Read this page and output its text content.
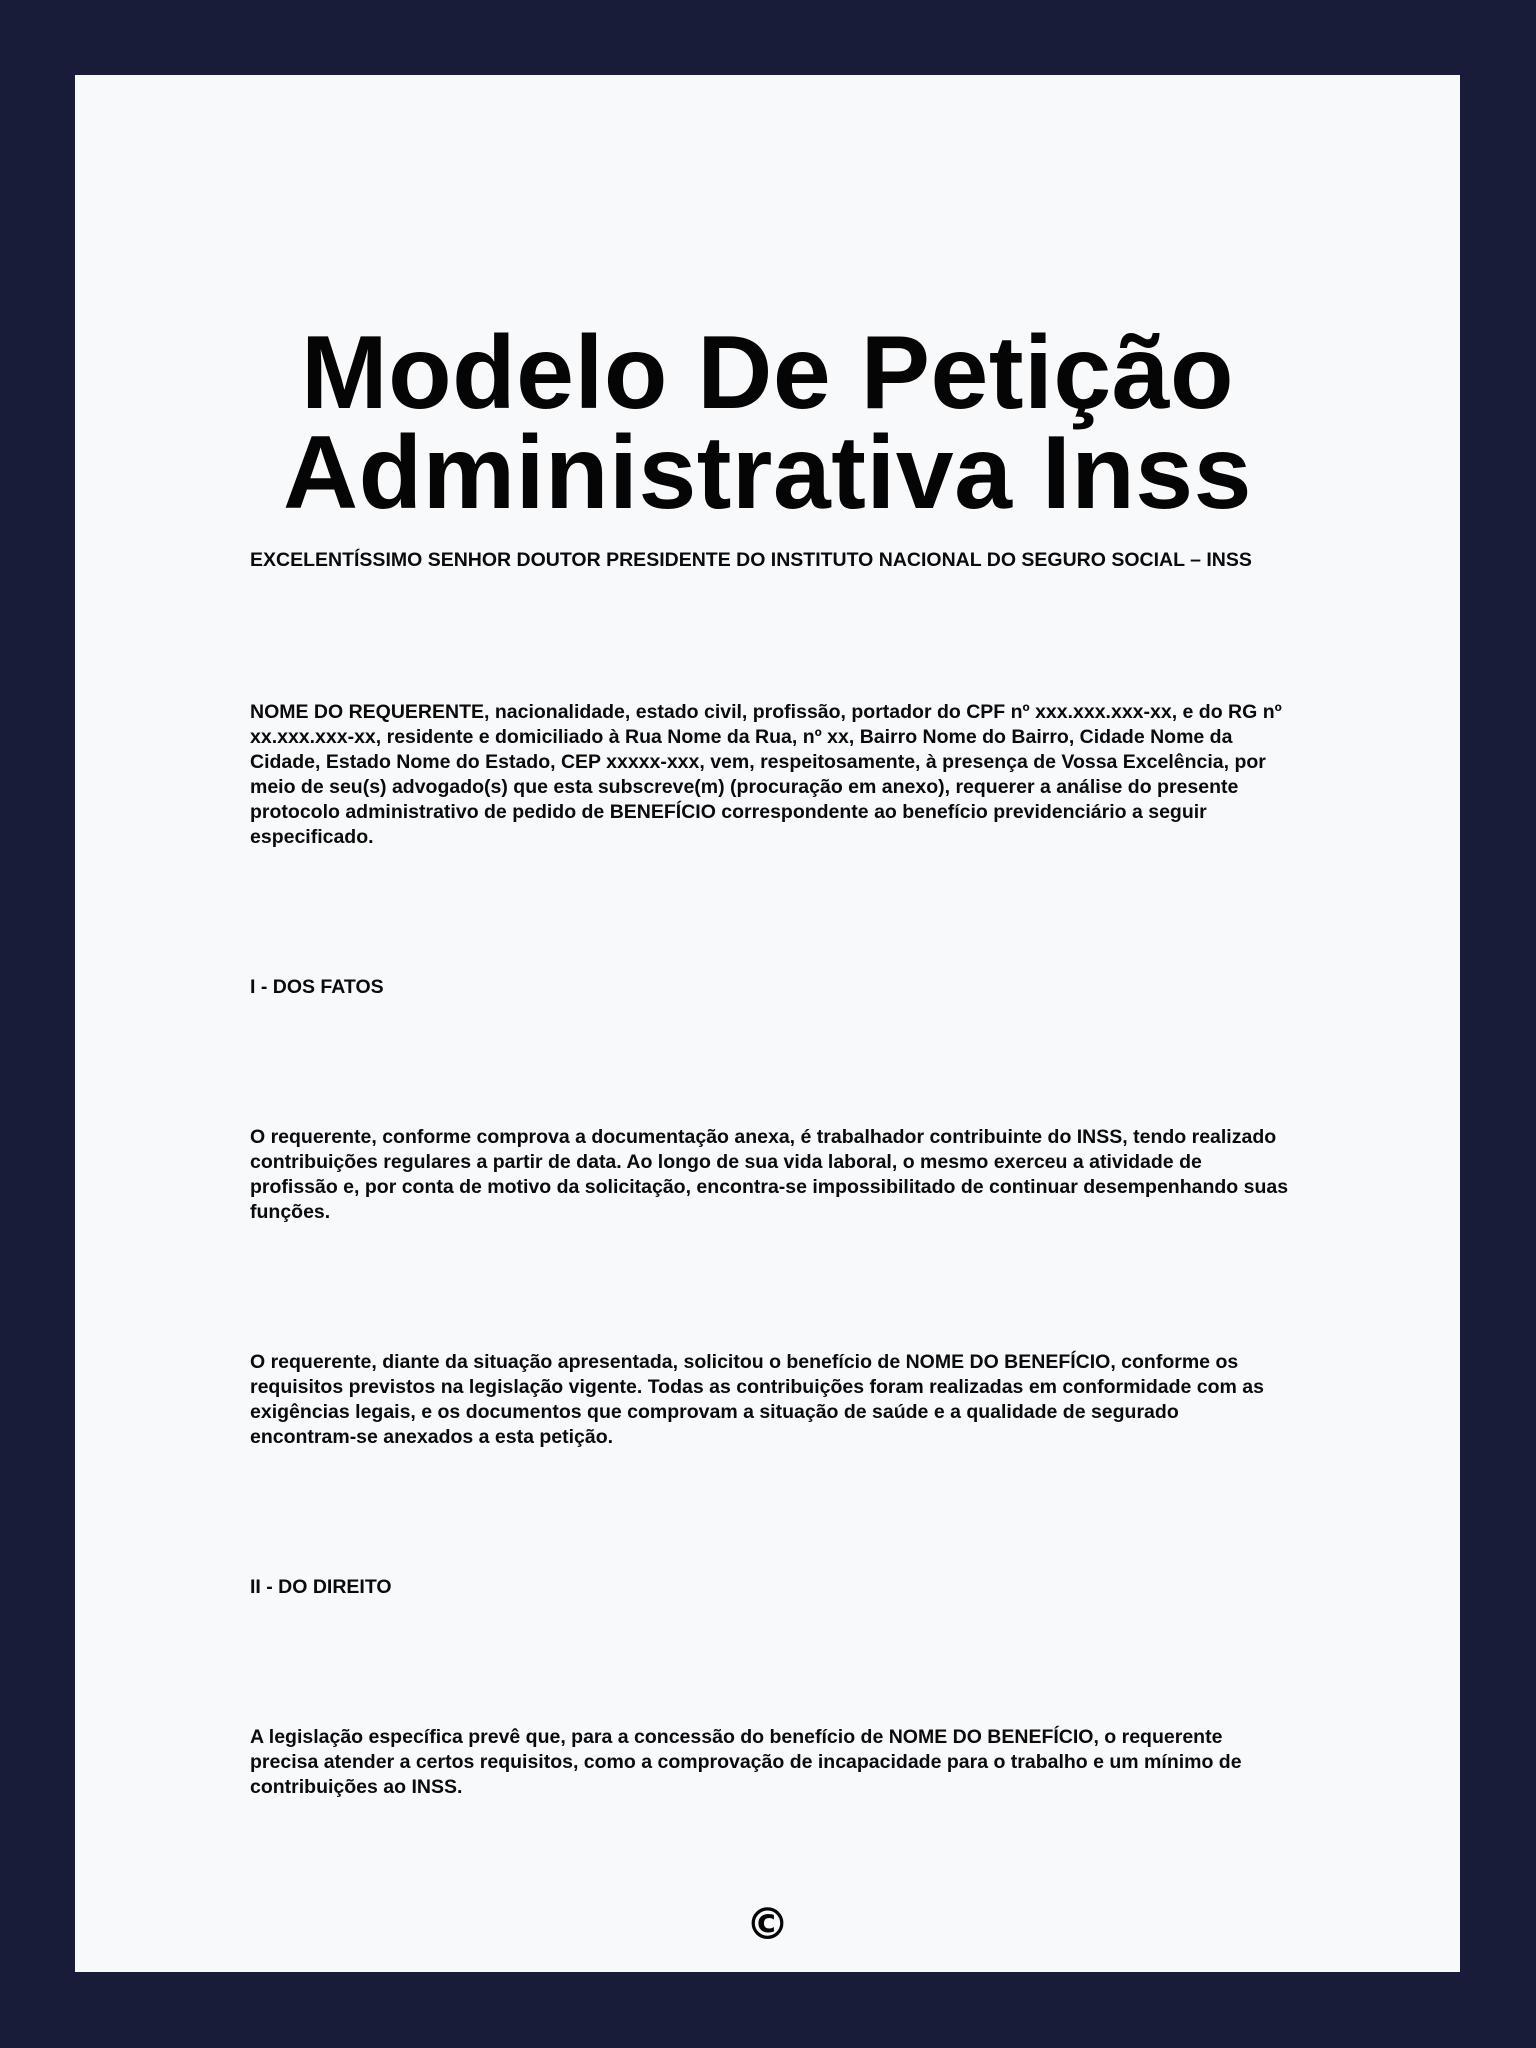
Modelo De Petição Administrativa Inss

EXCELENTÍSSIMO SENHOR DOUTOR PRESIDENTE DO INSTITUTO NACIONAL DO SEGURO SOCIAL – INSS

NOME DO REQUERENTE, nacionalidade, estado civil, profissão, portador do CPF nº xxx.xxx.xxx-xx, e do RG nº xx.xxx.xxx-xx, residente e domiciliado à Rua Nome da Rua, nº xx, Bairro Nome do Bairro, Cidade Nome da Cidade, Estado Nome do Estado, CEP xxxxx-xxx, vem, respeitosamente, à presença de Vossa Excelência, por meio de seu(s) advogado(s) que esta subscreve(m) (procuração em anexo), requerer a análise do presente protocolo administrativo de pedido de BENEFÍCIO correspondente ao benefício previdenciário a seguir especificado.

I - DOS FATOS

O requerente, conforme comprova a documentação anexa, é trabalhador contribuinte do INSS, tendo realizado contribuições regulares a partir de data. Ao longo de sua vida laboral, o mesmo exerceu a atividade de profissão e, por conta de motivo da solicitação, encontra-se impossibilitado de continuar desempenhando suas funções.

O requerente, diante da situação apresentada, solicitou o benefício de NOME DO BENEFÍCIO, conforme os requisitos previstos na legislação vigente. Todas as contribuições foram realizadas em conformidade com as exigências legais, e os documentos que comprovam a situação de saúde e a qualidade de segurado encontram-se anexados a esta petição.

II - DO DIREITO

A legislação específica prevê que, para a concessão do benefício de NOME DO BENEFÍCIO, o requerente precisa atender a certos requisitos, como a comprovação de incapacidade para o trabalho e um mínimo de contribuições ao INSS.

©
